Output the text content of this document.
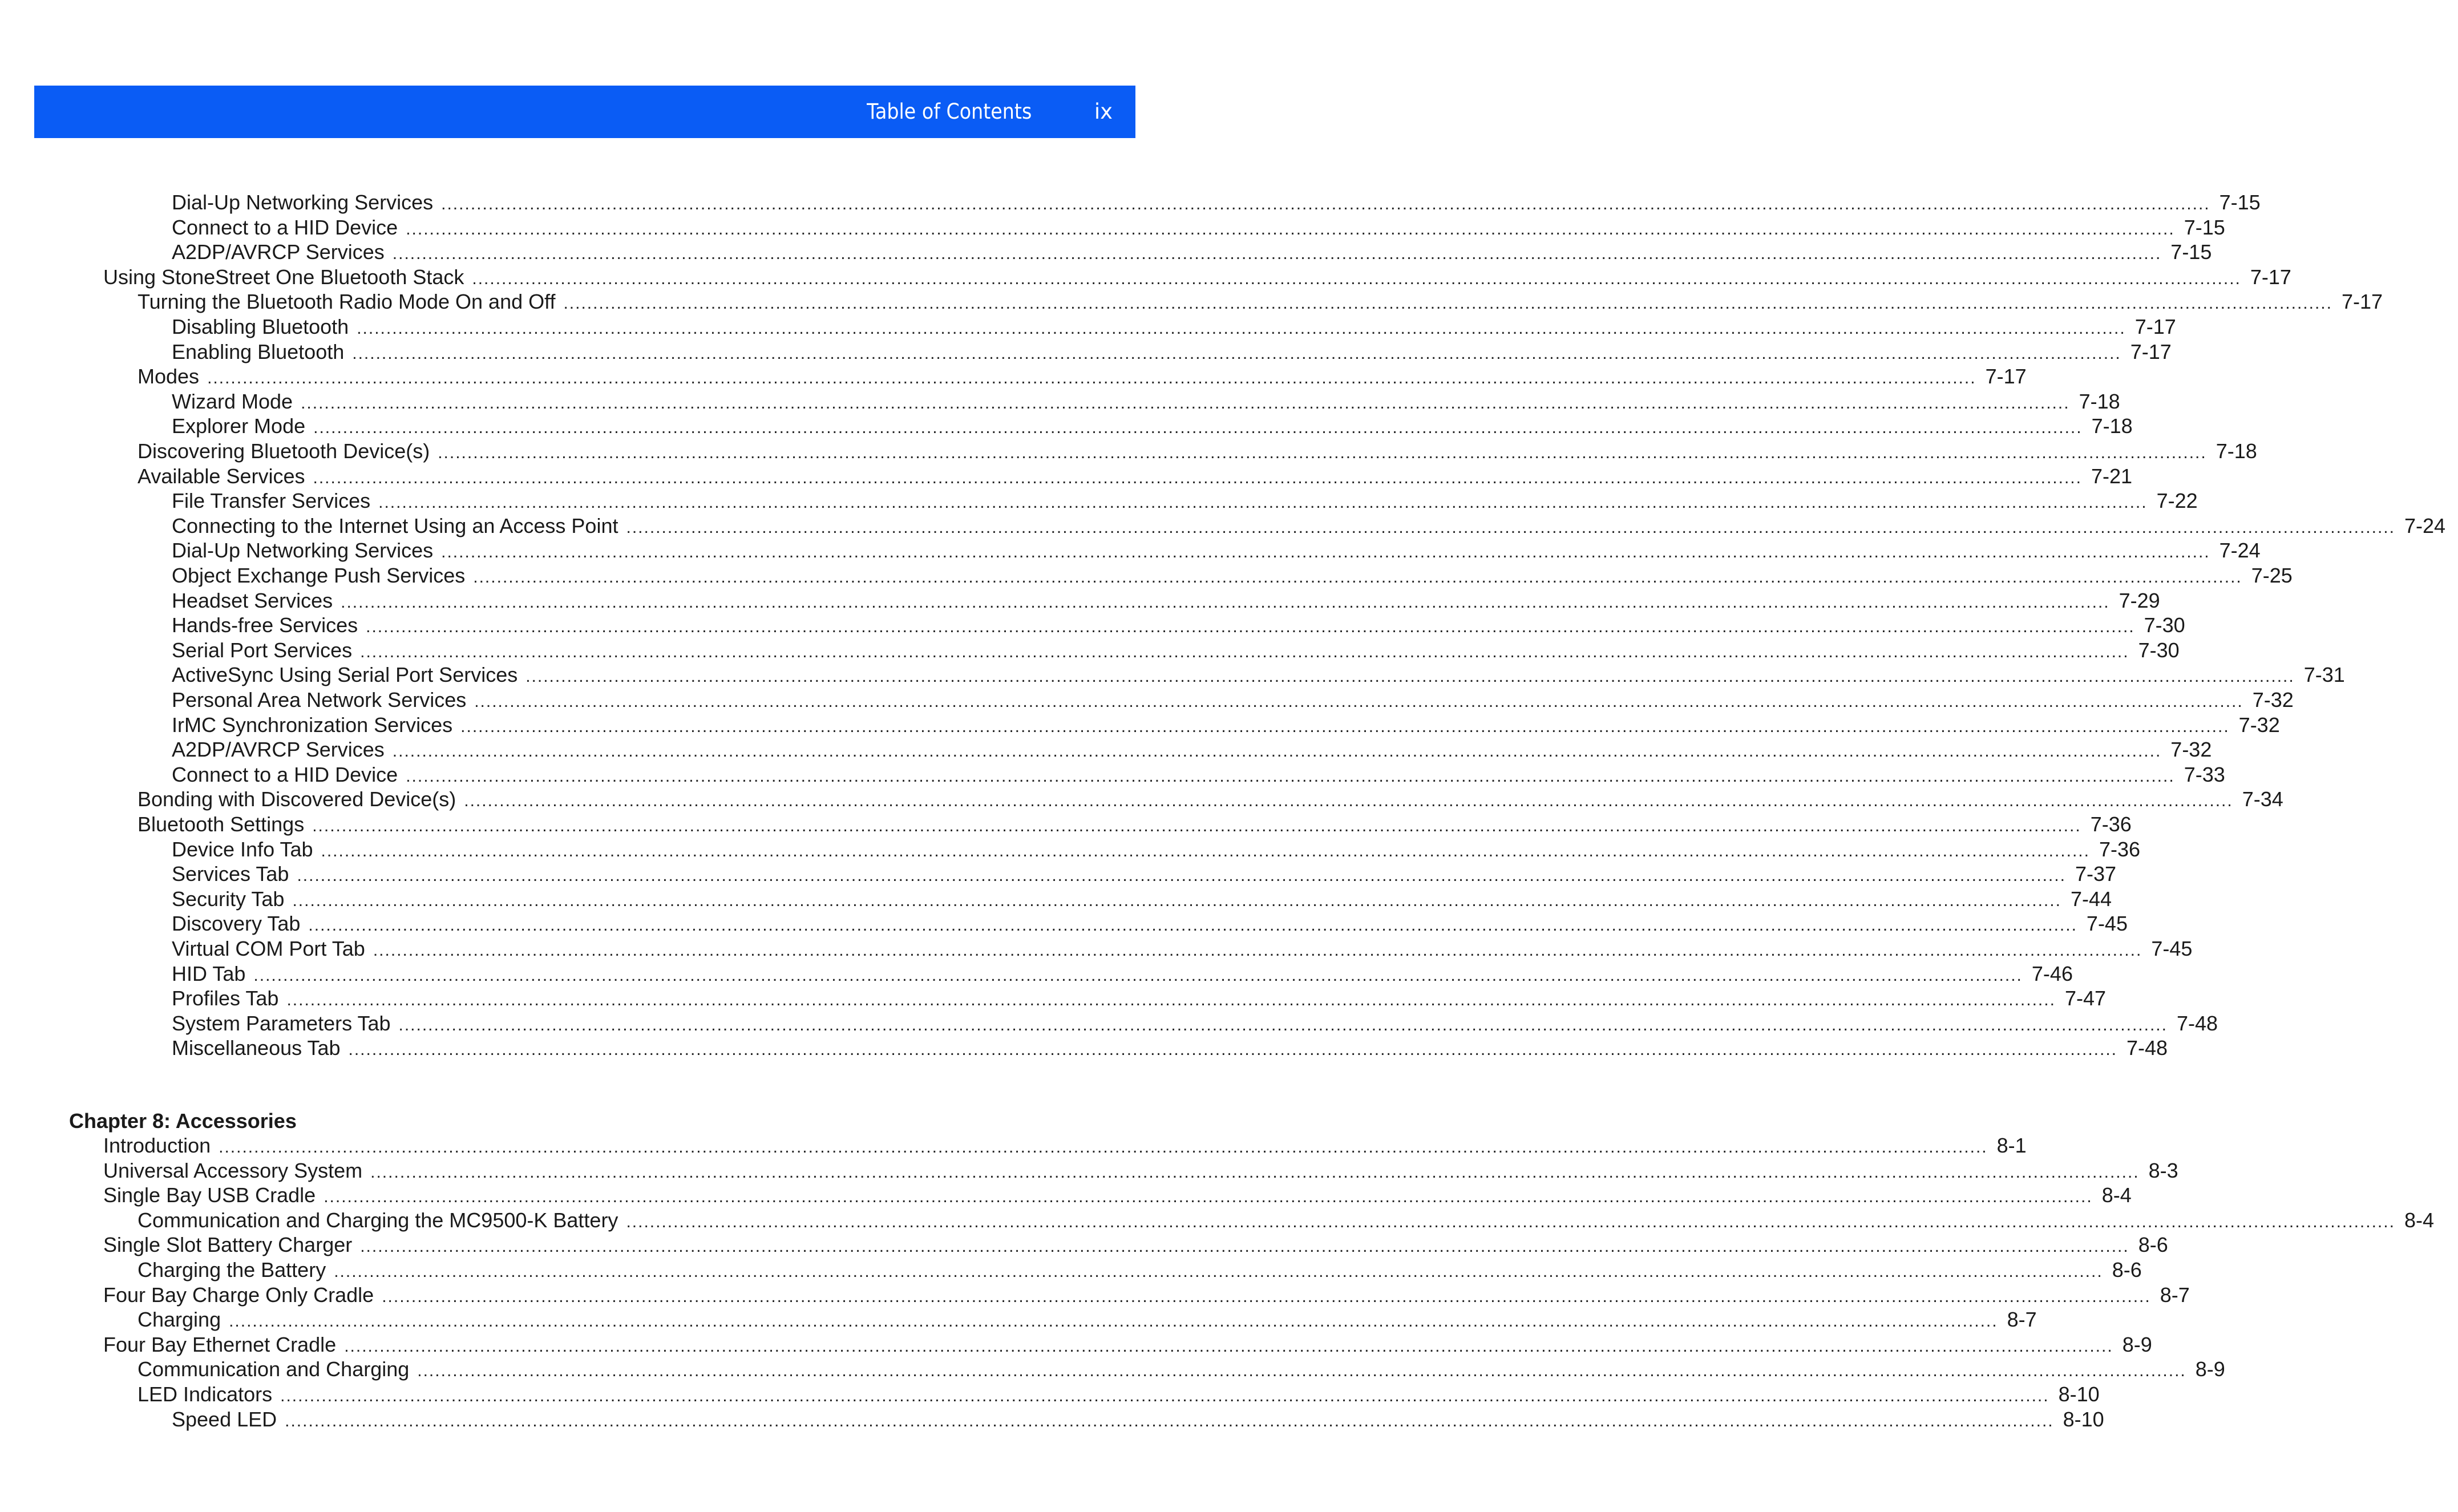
Table of Contents	ix
Dial-Up Networking Services ............................................................................................................................................................................................................................................................................................................ 7-15
Connect to a HID Device ............................................................................................................................................................................................................................................................................................................ 7-15
A2DP/AVRCP Services ............................................................................................................................................................................................................................................................................................................ 7-15
Using StoneStreet One Bluetooth Stack ............................................................................................................................................................................................................................................................................................................ 7-17
Turning the Bluetooth Radio Mode On and Off ............................................................................................................................................................................................................................................................................................................ 7-17
Disabling Bluetooth ............................................................................................................................................................................................................................................................................................................ 7-17
Enabling Bluetooth ............................................................................................................................................................................................................................................................................................................ 7-17
Modes ............................................................................................................................................................................................................................................................................................................ 7-17
Wizard Mode ............................................................................................................................................................................................................................................................................................................ 7-18
Explorer Mode ............................................................................................................................................................................................................................................................................................................ 7-18
Discovering Bluetooth Device(s) ............................................................................................................................................................................................................................................................................................................ 7-18
Available Services ............................................................................................................................................................................................................................................................................................................ 7-21
File Transfer Services ............................................................................................................................................................................................................................................................................................................ 7-22
Connecting to the Internet Using an Access Point ............................................................................................................................................................................................................................................................................................................ 7-24
Dial-Up Networking Services ............................................................................................................................................................................................................................................................................................................ 7-24
Object Exchange Push Services ............................................................................................................................................................................................................................................................................................................ 7-25
Headset Services ............................................................................................................................................................................................................................................................................................................ 7-29
Hands-free Services ............................................................................................................................................................................................................................................................................................................ 7-30
Serial Port Services ............................................................................................................................................................................................................................................................................................................ 7-30
ActiveSync Using Serial Port Services ............................................................................................................................................................................................................................................................................................................ 7-31
Personal Area Network Services ............................................................................................................................................................................................................................................................................................................ 7-32
IrMC Synchronization Services ............................................................................................................................................................................................................................................................................................................ 7-32
A2DP/AVRCP Services ............................................................................................................................................................................................................................................................................................................ 7-32
Connect to a HID Device ............................................................................................................................................................................................................................................................................................................ 7-33
Bonding with Discovered Device(s) ............................................................................................................................................................................................................................................................................................................ 7-34
Bluetooth Settings ............................................................................................................................................................................................................................................................................................................ 7-36
Device Info Tab ............................................................................................................................................................................................................................................................................................................ 7-36
Services Tab ............................................................................................................................................................................................................................................................................................................ 7-37
Security Tab ............................................................................................................................................................................................................................................................................................................ 7-44
Discovery Tab ............................................................................................................................................................................................................................................................................................................ 7-45
Virtual COM Port Tab ............................................................................................................................................................................................................................................................................................................ 7-45
HID Tab ............................................................................................................................................................................................................................................................................................................ 7-46
Profiles Tab ............................................................................................................................................................................................................................................................................................................ 7-47
System Parameters Tab ............................................................................................................................................................................................................................................................................................................ 7-48
Miscellaneous Tab ............................................................................................................................................................................................................................................................................................................ 7-48
Introduction ............................................................................................................................................................................................................................................................................................................ 8-1
Universal Accessory System ............................................................................................................................................................................................................................................................................................................ 8-3
Single Bay USB Cradle ............................................................................................................................................................................................................................................................................................................ 8-4
Communication and Charging the MC9500-K Battery ............................................................................................................................................................................................................................................................................................................ 8-4
Single Slot Battery Charger ............................................................................................................................................................................................................................................................................................................ 8-6
Charging the Battery ............................................................................................................................................................................................................................................................................................................ 8-6
Four Bay Charge Only Cradle ............................................................................................................................................................................................................................................................................................................ 8-7
Charging ............................................................................................................................................................................................................................................................................................................ 8-7
Four Bay Ethernet Cradle ............................................................................................................................................................................................................................................................................................................ 8-9
Communication and Charging ............................................................................................................................................................................................................................................................................................................ 8-9
LED Indicators ............................................................................................................................................................................................................................................................................................................ 8-10
Speed LED ............................................................................................................................................................................................................................................................................................................ 8-10
Chapter 8: Accessories
